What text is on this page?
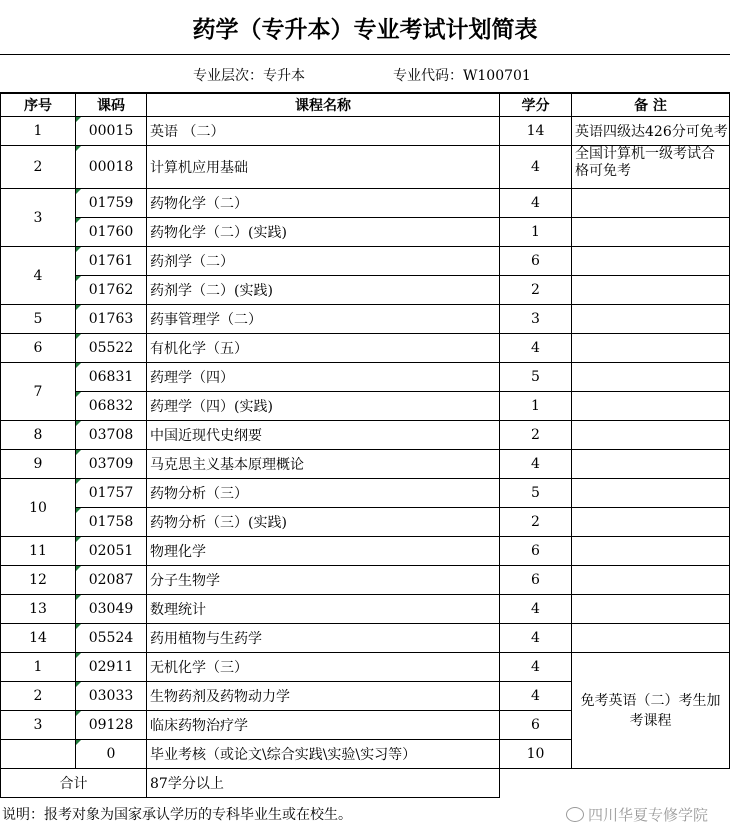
药学（专升本）专业考试计划简表
专业层次：专升本	专业代码：W100701
序号	课码	课程名称	学分	备 注
1	00015	英语 （二）	14	英语四级达426分可免考
2	00018	计算机应用基础	4	全国计算机一级考试合格可免考
3	01759	药物化学（二）	4	
	01760	药物化学（二）(实践)	1	
4	01761	药剂学（二）	6	
	01762	药剂学（二）(实践)	2	
5	01763	药事管理学（二）	3	
6	05522	有机化学（五）	4	
7	06831	药理学（四）	5	
	06832	药理学（四）(实践)	1	
8	03708	中国近现代史纲要	2	
9	03709	马克思主义基本原理概论	4	
10	01757	药物分析（三）	5	
	01758	药物分析（三）(实践)	2	
11	02051	物理化学	6	
12	02087	分子生物学	6	
13	03049	数理统计	4	
14	05524	药用植物与生药学	4	
1	02911	无机化学（三）	4	免考英语（二）考生加考课程
2	03033	生物药剂及药物动力学	4	
3	09128	临床药物治疗学	6	
	0	毕业考核（或论文\综合实践\实验\实习等）	10	
合计		87学分以上		
说明：报考对象为国家承认学历的专科毕业生或在校生。	四川华夏专修学院
